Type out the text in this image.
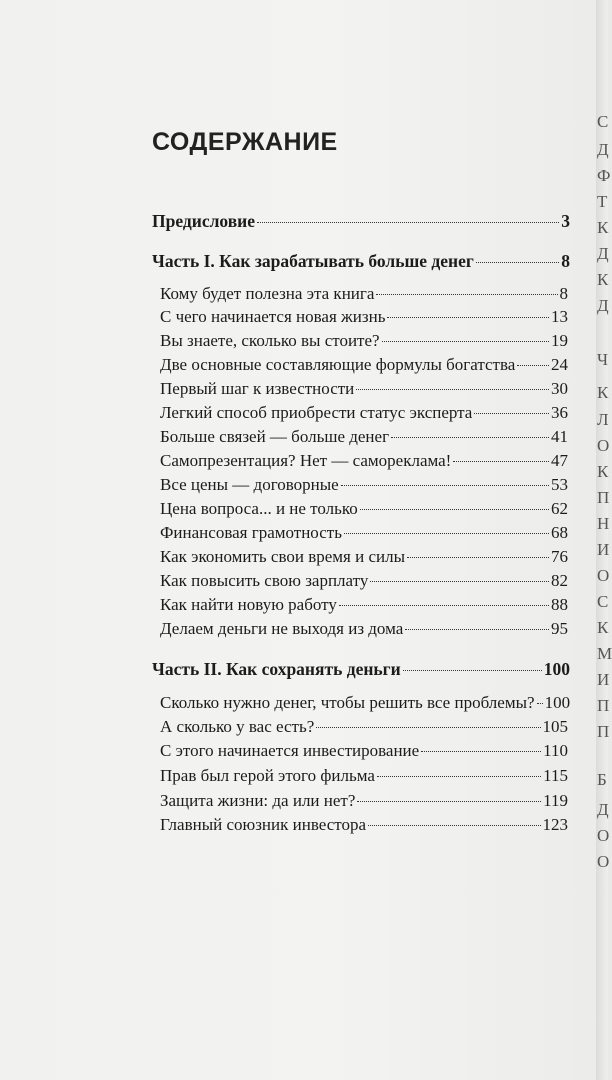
СОДЕРЖАНИЕ
Предисловие	3
Часть I. Как зарабатывать больше денег	8
Кому будет полезна эта книга	8
С чего начинается новая жизнь	13
Вы знаете, сколько вы стоите?	19
Две основные составляющие формулы богатства 24
Первый шаг к известности	30
Легкий способ приобрести статус эксперта	36
Больше связей — больше денег	41
Самопрезентация? Нет — самореклама!	47
Все цены — договорные	53
Цена вопроса... и не только	62
Финансовая грамотность	68
Как экономить свои время и силы	76
Как повысить свою зарплату	82
Как найти новую работу	88
Делаем деньги не выходя из дома	95
Часть II. Как сохранять деньги	100
Сколько нужно денег, чтобы решить все проблемы? 100
А сколько у вас есть?	105
С этого начинается инвестирование	110
Прав был герой этого фильма	115
Защита жизни: да или нет?	119
Главный союзник инвестора	123
С
Д
Ф
Т
К
Д
К
Д
Ч
К
Л
О
К
П
Н
И
О
С
К
М
И
П
П
Б
Д
О
О
